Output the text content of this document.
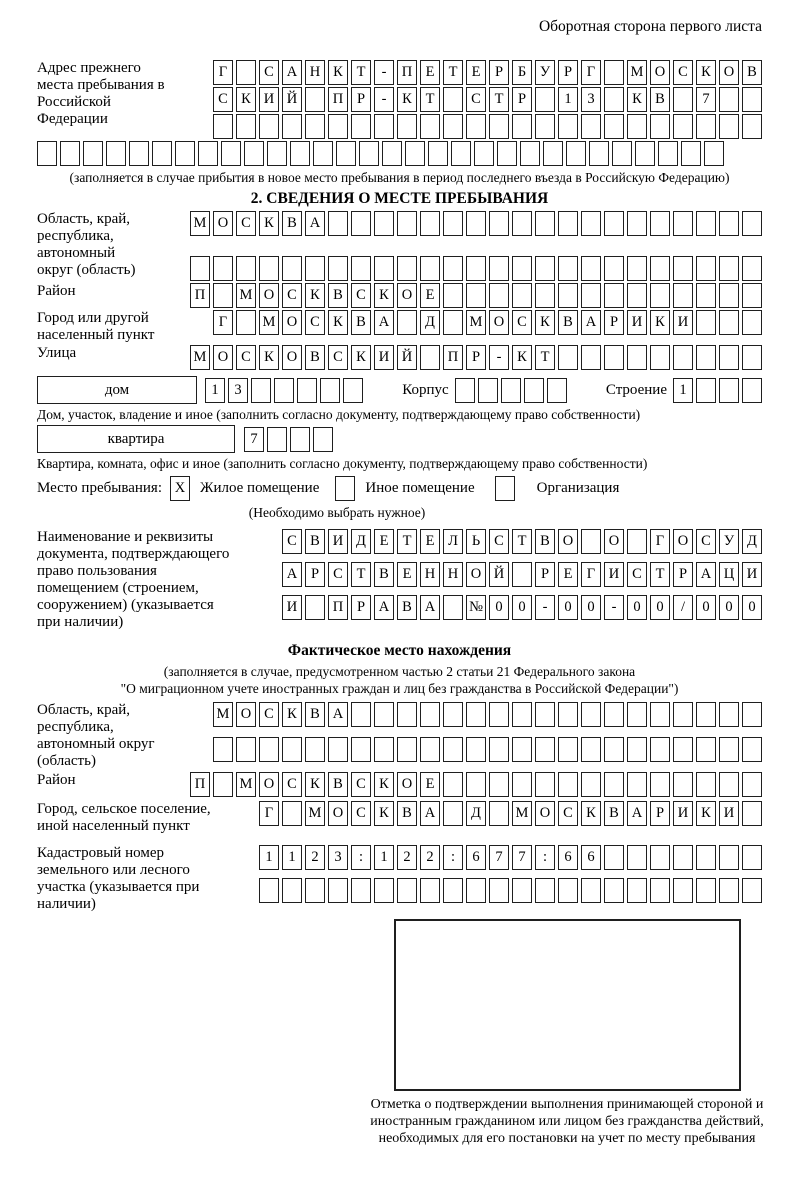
Оборотная сторона первого листа
Адрес прежнего места пребывания в Российской Федерации
Г	С А Н К Т	-	П Е Т Е	Р	Б У Р	Г	М О С К О В
С К И Й	П Р	-	К Т	С Т	Р	1	3	К В	7
(заполняется в случае прибытия в новое место пребывания в период последнего въезда в Российскую Федерацию)
2. СВЕДЕНИЯ О МЕСТЕ ПРЕБЫВАНИЯ
Область, край, республика, автономный округ (область)
М О С К В А
Район	П	М О С К В С К О Е
Город или другой населенный пункт
Г	М О С К В А	Д	М О С К В А Р И К И
Улица	М О С К О В С К И Й	П Р	-	К Т
дом	1	3	Корпус	Строение 1
Дом, участок, владение и иное (заполнить согласно документу, подтверждающему право собственности)
квартира	7
Квартира, комната, офис и иное (заполнить согласно документу, подтверждающему право собственности)
Место пребывания: X Жилое помещение	Иное помещение	Организация
(Необходимо выбрать нужное)
Наименование и реквизиты документа, подтверждающего право пользования помещением (строением, сооружением) (указывается при наличии)
С В И Д Е Т Е Л Ь С Т В О	О	Г О С У Д
А Р С Т В Е Н Н О Й	Р	Е Г И С Т	Р А Ц И
И	П Р А В А	№ 0	0	-	0	0	-	0	0	/	0	0	0
Фактическое место нахождения
(заполняется в случае, предусмотренном частью 2 статьи 21 Федерального закона
"О миграционном учете иностранных граждан и лиц без гражданства в Российской Федерации")
Область, край, республика, автономный округ (область)
М О С К В А
Район	П	М О С К В С К О Е
Город, сельское поселение, иной населенный пункт
Г	М О С К В А	Д	М О С К В А Р И К И
Кадастровый номер земельного или лесного участка (указывается при наличии)
1	1	2	3	:	1	2	2	:	6	7	7	:	6	6
Отметка о подтверждении выполнения принимающей стороной и иностранным гражданином или лицом без гражданства действий, необходимых для его постановки на учет по месту пребывания
